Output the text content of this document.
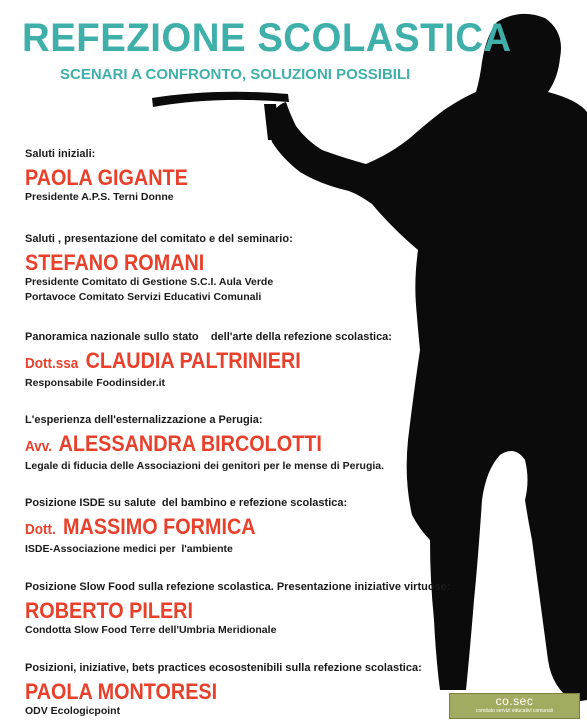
REFEZIONE SCOLASTICA
SCENARI A CONFRONTO, SOLUZIONI POSSIBILI
Saluti iniziali:
PAOLA GIGANTE
Presidente A.P.S. Terni Donne
Saluti , presentazione del comitato e del seminario:
STEFANO ROMANI
Presidente Comitato di Gestione S.C.I. Aula Verde
Portavoce Comitato Servizi Educativi Comunali
Panoramica nazionale sullo stato    dell'arte della refezione scolastica:
Dott.ssa CLAUDIA PALTRINIERI
Responsabile Foodinsider.it
L'esperienza dell'esternalizzazione a Perugia:
Avv. ALESSANDRA BIRCOLOTTI
Legale di fiducia delle Associazioni dei genitori per le mense di Perugia.
Posizione ISDE su salute  del bambino e refezione scolastica:
Dott. MASSIMO FORMICA
ISDE-Associazione medici per  l'ambiente
Posizione Slow Food sulla refezione scolastica. Presentazione iniziative virtuose:
ROBERTO PILERI
Condotta Slow Food Terre dell'Umbria Meridionale
Posizioni, iniziative, bets practices ecosostenibili sulla refezione scolastica:
PAOLA MONTORESI
ODV Ecologicpoint
co.sec
comitato servizi educativi comunali
